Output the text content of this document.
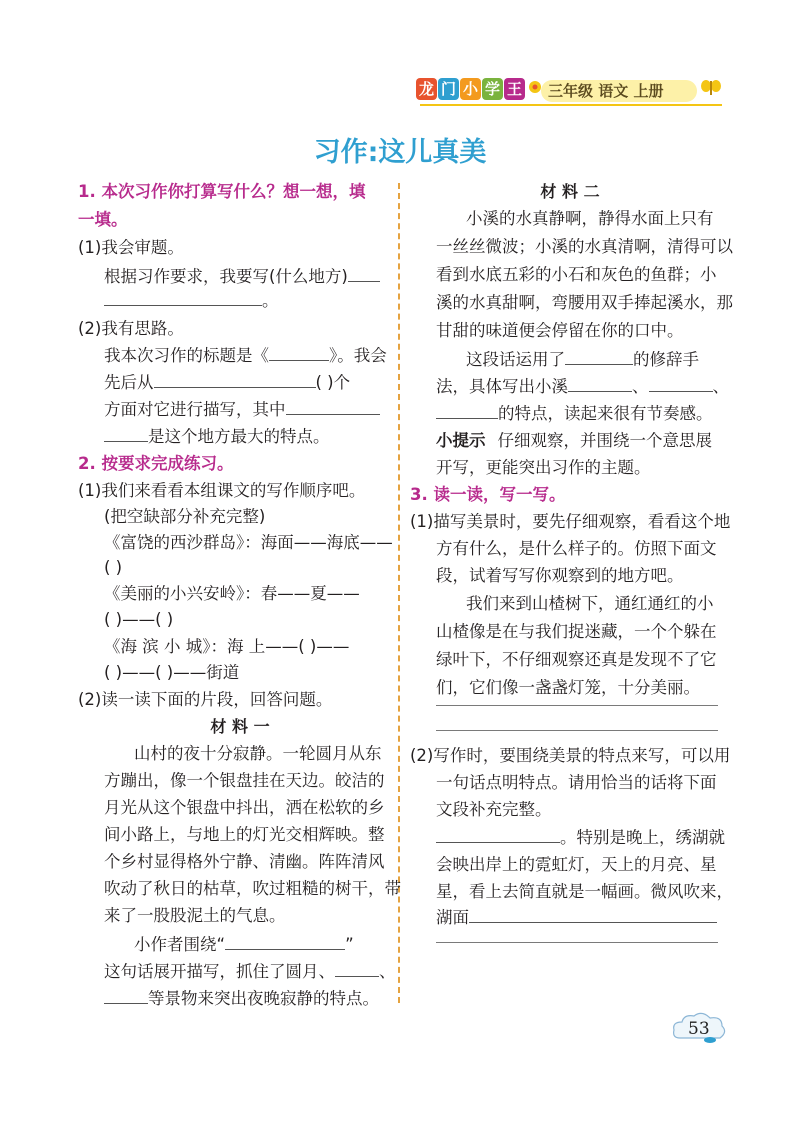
龙 门 小 学 王 三年级 语文 上册
习作:这儿真美
1. 本次习作你打算写什么？想一想，填
一填。
(1)我会审题。
根据习作要求，我要写(什么地方)
。
(2)我有思路。
我本次习作的标题是《	》。我会
先后从	( )个
方面对它进行描写，其中
是这个地方最大的特点。
2. 按要求完成练习。
(1)我们来看看本组课文的写作顺序吧。
(把空缺部分补充完整)
《富饶的西沙群岛》：海面——海底——
( )
《美丽的小兴安岭》：春——夏——
( )——( )
《海 滨 小 城》：海 上——( )——
( )——( )——街道
(2)读一读下面的片段，回答问题。
材 料 一
山村的夜十分寂静。一轮圆月从东
方蹦出，像一个银盘挂在天边。皎洁的
月光从这个银盘中抖出，洒在松软的乡
间小路上，与地上的灯光交相辉映。整
个乡村显得格外宁静、清幽。阵阵清风
吹动了秋日的枯草，吹过粗糙的树干，带
来了一股股泥土的气息。
小作者围绕“	”
这句话展开描写，抓住了圆月、	、
等景物来突出夜晚寂静的特点。
材 料 二
小溪的水真静啊，静得水面上只有
一丝丝微波；小溪的水真清啊，清得可以
看到水底五彩的小石和灰色的鱼群；小
溪的水真甜啊，弯腰用双手捧起溪水，那
甘甜的味道便会停留在你的口中。
这段话运用了	的修辞手
法，具体写出小溪	、	、
的特点，读起来很有节奏感。
小提示 仔细观察，并围绕一个意思展
开写，更能突出习作的主题。
3. 读一读，写一写。
(1)描写美景时，要先仔细观察，看看这个地
方有什么，是什么样子的。仿照下面文
段，试着写写你观察到的地方吧。
我们来到山楂树下，通红通红的小
山楂像是在与我们捉迷藏，一个个躲在
绿叶下，不仔细观察还真是发现不了它
们，它们像一盏盏灯笼，十分美丽。
(2)写作时，要围绕美景的特点来写，可以用
一句话点明特点。请用恰当的话将下面
文段补充完整。
。特别是晚上，绣湖就
会映出岸上的霓虹灯，天上的月亮、星
星，看上去简直就是一幅画。微风吹来，
湖面
53
